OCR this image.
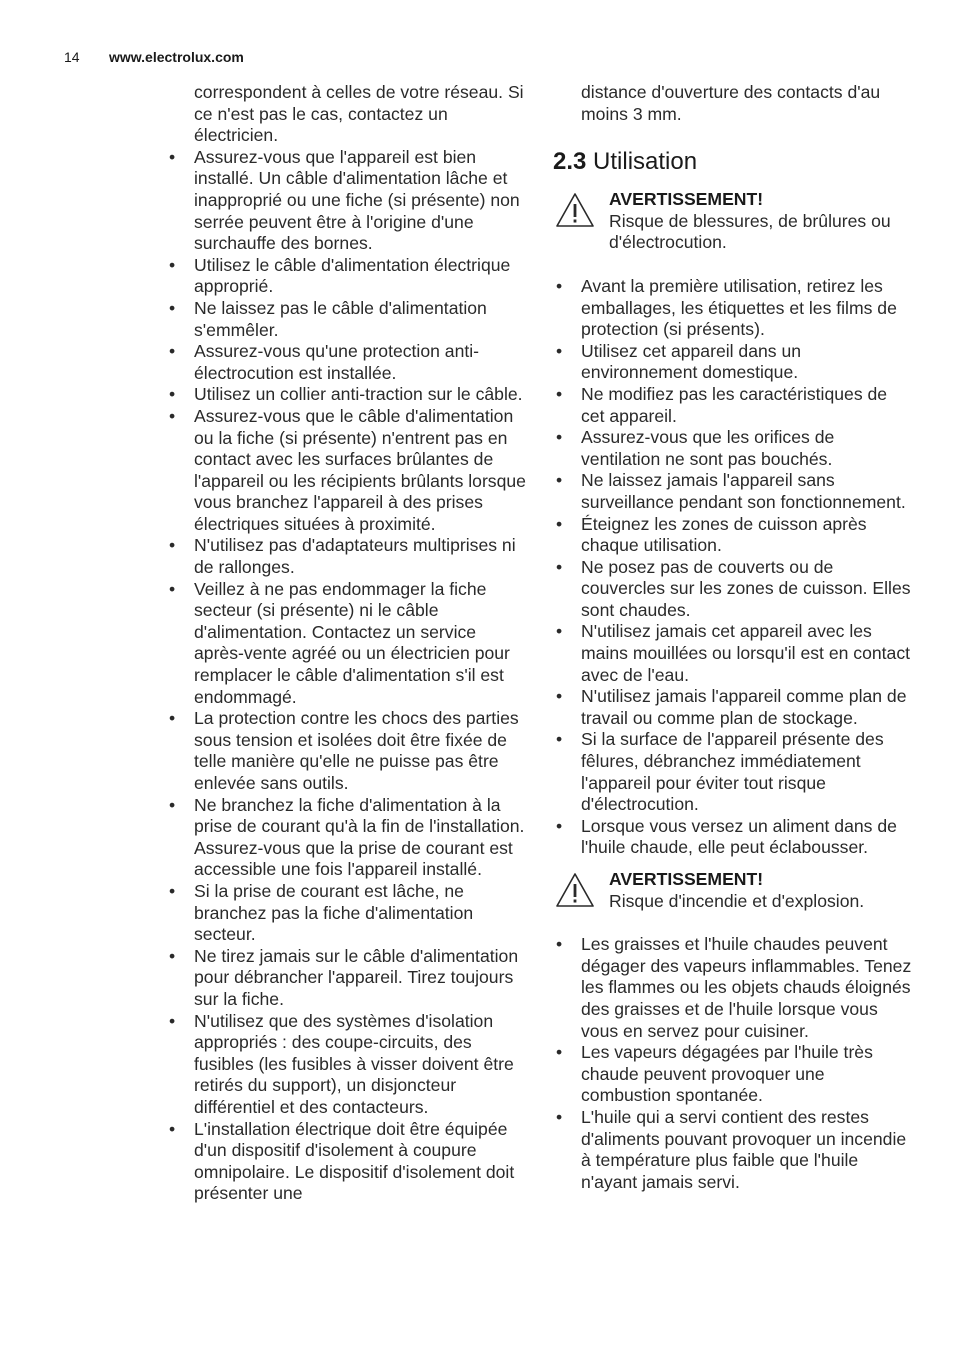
14 www.electrolux.com

correspondent à celles de votre réseau. Si ce n'est pas le cas, contactez un électricien.

• Assurez-vous que l'appareil est bien installé. Un câble d'alimentation lâche et inapproprié ou une fiche (si présente) non serrée peuvent être à l'origine d'une surchauffe des bornes.
• Utilisez le câble d'alimentation électrique approprié.
• Ne laissez pas le câble d'alimentation s'emmêler.
• Assurez-vous qu'une protection anti-électrocution est installée.
• Utilisez un collier anti-traction sur le câble.
• Assurez-vous que le câble d'alimentation ou la fiche (si présente) n'entrent pas en contact avec les surfaces brûlantes de l'appareil ou les récipients brûlants lorsque vous branchez l'appareil à des prises électriques situées à proximité.
• N'utilisez pas d'adaptateurs multiprises ni de rallonges.
• Veillez à ne pas endommager la fiche secteur (si présente) ni le câble d'alimentation. Contactez un service après-vente agréé ou un électricien pour remplacer le câble d'alimentation s'il est endommagé.
• La protection contre les chocs des parties sous tension et isolées doit être fixée de telle manière qu'elle ne puisse pas être enlevée sans outils.
• Ne branchez la fiche d'alimentation à la prise de courant qu'à la fin de l'installation. Assurez-vous que la prise de courant est accessible une fois l'appareil installé.
• Si la prise de courant est lâche, ne branchez pas la fiche d'alimentation secteur.
• Ne tirez jamais sur le câble d'alimentation pour débrancher l'appareil. Tirez toujours sur la fiche.
• N'utilisez que des systèmes d'isolation appropriés : des coupe-circuits, des fusibles (les fusibles à visser doivent être retirés du support), un disjoncteur différentiel et des contacteurs.
• L'installation électrique doit être équipée d'un dispositif d'isolement à coupure omnipolaire. Le dispositif d'isolement doit présenter une

distance d'ouverture des contacts d'au moins 3 mm.

2.3 Utilisation
AVERTISSEMENT!
Risque de blessures, de brûlures ou d'électrocution.
• Avant la première utilisation, retirez les emballages, les étiquettes et les films de protection (si présents).
• Utilisez cet appareil dans un environnement domestique.
• Ne modifiez pas les caractéristiques de cet appareil.
• Assurez-vous que les orifices de ventilation ne sont pas bouchés.
• Ne laissez jamais l'appareil sans surveillance pendant son fonctionnement.
• Éteignez les zones de cuisson après chaque utilisation.
• Ne posez pas de couverts ou de couvercles sur les zones de cuisson. Elles sont chaudes.
• N'utilisez jamais cet appareil avec les mains mouillées ou lorsqu'il est en contact avec de l'eau.
• N'utilisez jamais l'appareil comme plan de travail ou comme plan de stockage.
• Si la surface de l'appareil présente des fêlures, débranchez immédiatement l'appareil pour éviter tout risque d'électrocution.
• Lorsque vous versez un aliment dans de l'huile chaude, elle peut éclabousser.
AVERTISSEMENT!
Risque d'incendie et d'explosion.
• Les graisses et l'huile chaudes peuvent dégager des vapeurs inflammables. Tenez les flammes ou les objets chauds éloignés des graisses et de l'huile lorsque vous vous en servez pour cuisiner.
• Les vapeurs dégagées par l'huile très chaude peuvent provoquer une combustion spontanée.
• L'huile qui a servi contient des restes d'aliments pouvant provoquer un incendie à température plus faible que l'huile n'ayant jamais servi.
